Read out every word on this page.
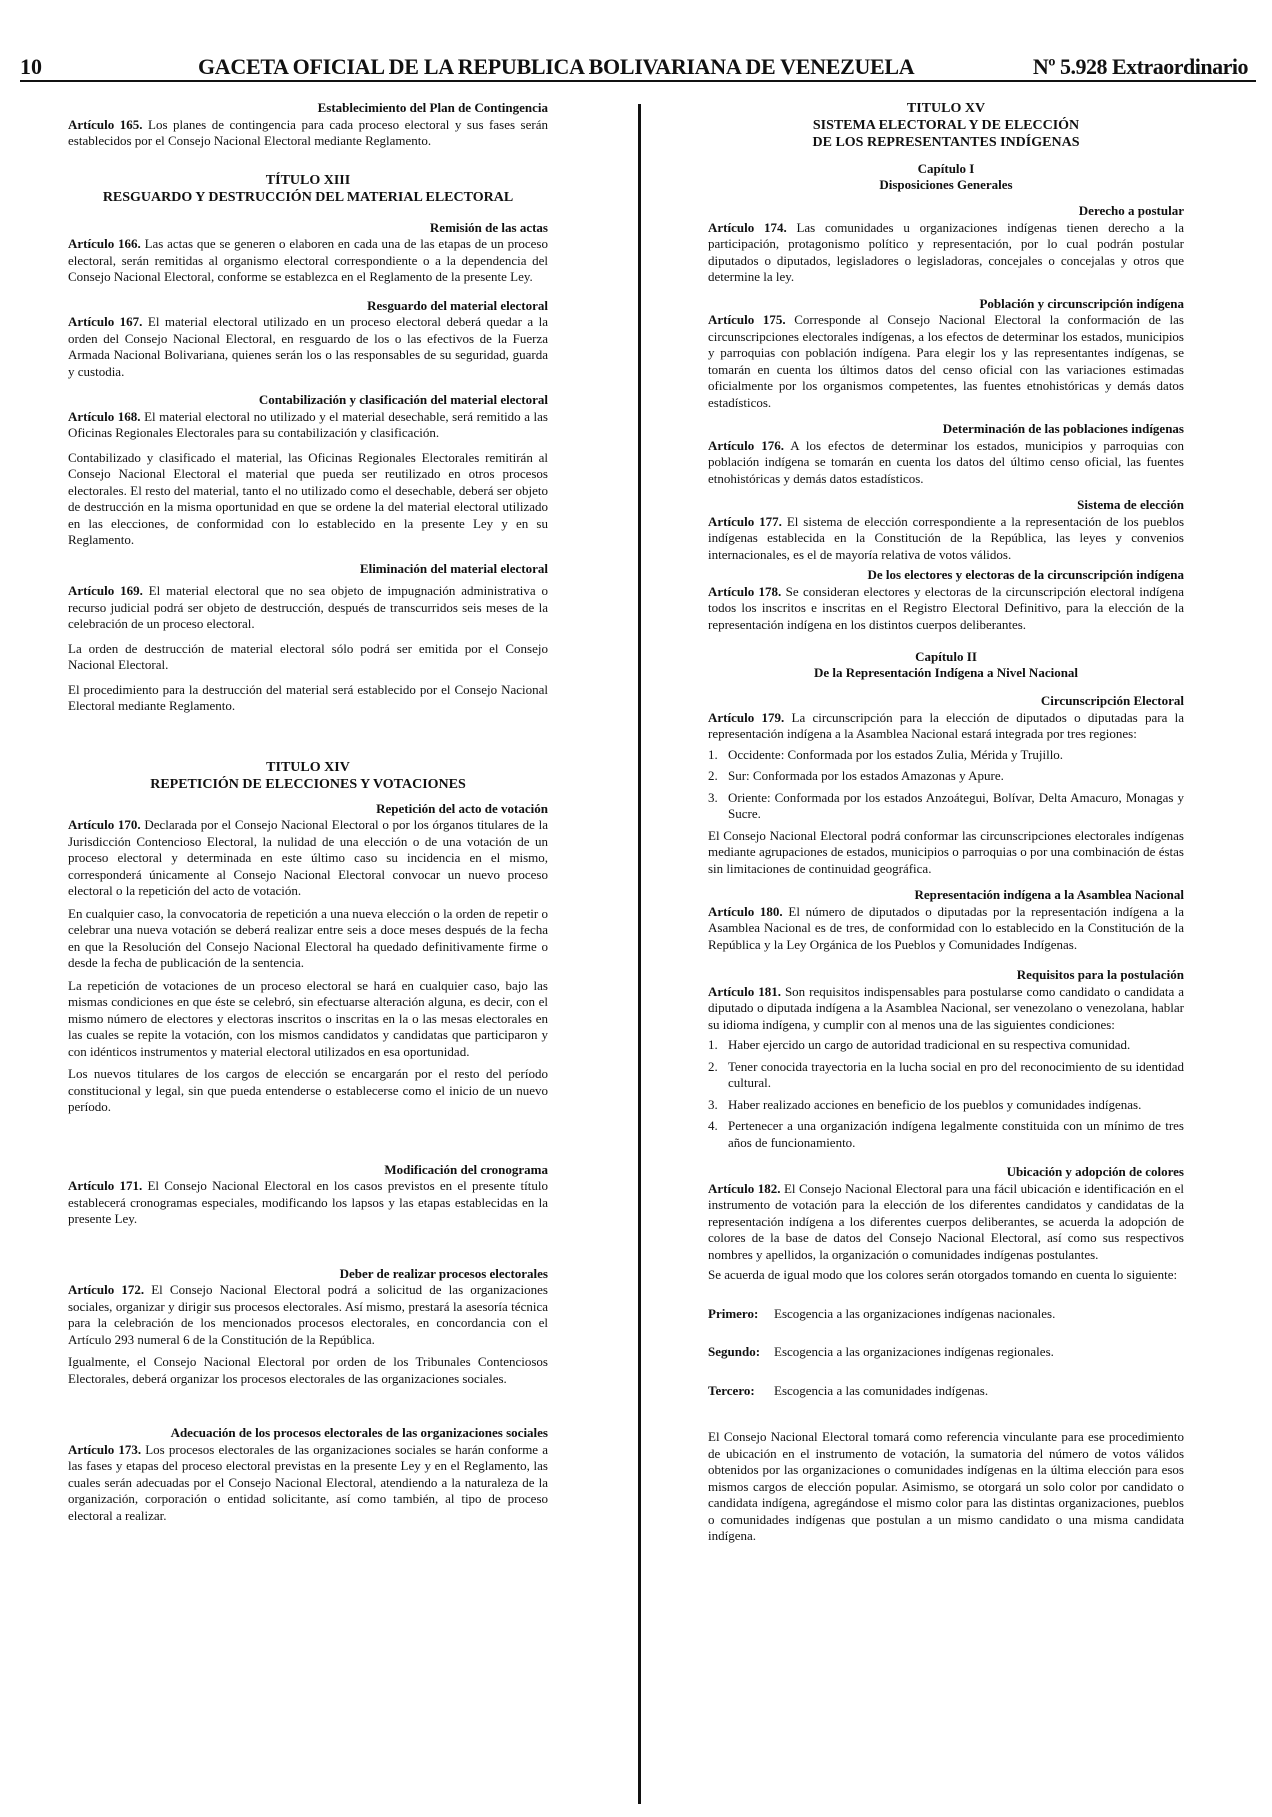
10	GACETA OFICIAL DE LA REPUBLICA BOLIVARIANA DE VENEZUELA	Nº 5.928 Extraordinario
Establecimiento del Plan de Contingencia

Artículo 165. Los planes de contingencia para cada proceso electoral y sus fases serán establecidos por el Consejo Nacional Electoral mediante Reglamento.

TÍTULO XIII
RESGUARDO Y DESTRUCCIÓN DEL MATERIAL ELECTORAL
Remisión de las actas

Artículo 166. Las actas que se generen o elaboren en cada una de las etapas de un proceso electoral, serán remitidas al organismo electoral correspondiente o a la dependencia del Consejo Nacional Electoral, conforme se establezca en el Reglamento de la presente Ley.

Resguardo del material electoral

Artículo 167. El material electoral utilizado en un proceso electoral deberá quedar a la orden del Consejo Nacional Electoral, en resguardo de los o las efectivos de la Fuerza Armada Nacional Bolivariana, quienes serán los o las responsables de su seguridad, guarda y custodia.

Contabilización y clasificación del material electoral

Artículo 168. El material electoral no utilizado y el material desechable, será remitido a las Oficinas Regionales Electorales para su contabilización y clasificación.

Contabilizado y clasificado el material, las Oficinas Regionales Electorales remitirán al Consejo Nacional Electoral el material que pueda ser reutilizado en otros procesos electorales. El resto del material, tanto el no utilizado como el desechable, deberá ser objeto de destrucción en la misma oportunidad en que se ordene la del material electoral utilizado en las elecciones, de conformidad con lo establecido en la presente Ley y en su Reglamento.

Eliminación del material electoral

Artículo 169. El material electoral que no sea objeto de impugnación administrativa o recurso judicial podrá ser objeto de destrucción, después de transcurridos seis meses de la celebración de un proceso electoral.

La orden de destrucción de material electoral sólo podrá ser emitida por el Consejo Nacional Electoral.

El procedimiento para la destrucción del material será establecido por el Consejo Nacional Electoral mediante Reglamento.

TITULO XIV
REPETICIÓN DE ELECCIONES Y VOTACIONES
Repetición del acto de votación

Artículo 170. Declarada por el Consejo Nacional Electoral o por los órganos titulares de la Jurisdicción Contencioso Electoral, la nulidad de una elección o de una votación de un proceso electoral y determinada en este último caso su incidencia en el mismo, corresponderá únicamente al Consejo Nacional Electoral convocar un nuevo proceso electoral o la repetición del acto de votación.

En cualquier caso, la convocatoria de repetición a una nueva elección o la orden de repetir o celebrar una nueva votación se deberá realizar entre seis a doce meses después de la fecha en que la Resolución del Consejo Nacional Electoral ha quedado definitivamente firme o desde la fecha de publicación de la sentencia.

La repetición de votaciones de un proceso electoral se hará en cualquier caso, bajo las mismas condiciones en que éste se celebró, sin efectuarse alteración alguna, es decir, con el mismo número de electores y electoras inscritos o inscritas en la o las mesas electorales en las cuales se repite la votación, con los mismos candidatos y candidatas que participaron y con idénticos instrumentos y material electoral utilizados en esa oportunidad.

Los nuevos titulares de los cargos de elección se encargarán por el resto del período constitucional y legal, sin que pueda entenderse o establecerse como el inicio de un nuevo período.

Modificación del cronograma

Artículo 171. El Consejo Nacional Electoral en los casos previstos en el presente título establecerá cronogramas especiales, modificando los lapsos y las etapas establecidas en la presente Ley.

Deber de realizar procesos electorales

Artículo 172. El Consejo Nacional Electoral podrá a solicitud de las organizaciones sociales, organizar y dirigir sus procesos electorales. Así mismo, prestará la asesoría técnica para la celebración de los mencionados procesos electorales, en concordancia con el Artículo 293 numeral 6 de la Constitución de la República.

Igualmente, el Consejo Nacional Electoral por orden de los Tribunales Contenciosos Electorales, deberá organizar los procesos electorales de las organizaciones sociales.

Adecuación de los procesos electorales de las organizaciones sociales

Artículo 173. Los procesos electorales de las organizaciones sociales se harán conforme a las fases y etapas del proceso electoral previstas en la presente Ley y en el Reglamento, las cuales serán adecuadas por el Consejo Nacional Electoral, atendiendo a la naturaleza de la organización, corporación o entidad solicitante, así como también, al tipo de proceso electoral a realizar.

TITULO XV
SISTEMA ELECTORAL Y DE ELECCIÓN
DE LOS REPRESENTANTES INDÍGENAS
Capítulo I
Disposiciones Generales
Derecho a postular

Artículo 174. Las comunidades u organizaciones indígenas tienen derecho a la participación, protagonismo político y representación, por lo cual podrán postular diputados o diputados, legisladores o legisladoras, concejales o concejalas y otros que determine la ley.

Población y circunscripción indígena

Artículo 175. Corresponde al Consejo Nacional Electoral la conformación de las circunscripciones electorales indígenas, a los efectos de determinar los estados, municipios y parroquias con población indígena. Para elegir los y las representantes indígenas, se tomarán en cuenta los últimos datos del censo oficial con las variaciones estimadas oficialmente por los organismos competentes, las fuentes etnohistóricas y demás datos estadísticos.

Determinación de las poblaciones indígenas

Artículo 176. A los efectos de determinar los estados, municipios y parroquias con población indígena se tomarán en cuenta los datos del último censo oficial, las fuentes etnohistóricas y demás datos estadísticos.

Sistema de elección

Artículo 177. El sistema de elección correspondiente a la representación de los pueblos indígenas establecida en la Constitución de la República, las leyes y convenios internacionales, es el de mayoría relativa de votos válidos.

De los electores y electoras de la circunscripción indígena

Artículo 178. Se consideran electores y electoras de la circunscripción electoral indígena todos los inscritos e inscritas en el Registro Electoral Definitivo, para la elección de la representación indígena en los distintos cuerpos deliberantes.

Capítulo II
De la Representación Indígena a Nivel Nacional
Circunscripción Electoral

Artículo 179. La circunscripción para la elección de diputados o diputadas para la representación indígena a la Asamblea Nacional estará integrada por tres regiones:

1. Occidente: Conformada por los estados Zulia, Mérida y Trujillo.
2. Sur: Conformada por los estados Amazonas y Apure.
3. Oriente: Conformada por los estados Anzoátegui, Bolívar, Delta Amacuro, Monagas y Sucre.

El Consejo Nacional Electoral podrá conformar las circunscripciones electorales indígenas mediante agrupaciones de estados, municipios o parroquias o por una combinación de éstas sin limitaciones de continuidad geográfica.

Representación indígena a la Asamblea Nacional

Artículo 180. El número de diputados o diputadas por la representación indígena a la Asamblea Nacional es de tres, de conformidad con lo establecido en la Constitución de la República y la Ley Orgánica de los Pueblos y Comunidades Indígenas.

Requisitos para la postulación

Artículo 181. Son requisitos indispensables para postularse como candidato o candidata a diputado o diputada indígena a la Asamblea Nacional, ser venezolano o venezolana, hablar su idioma indígena, y cumplir con al menos una de las siguientes condiciones:

1. Haber ejercido un cargo de autoridad tradicional en su respectiva comunidad.
2. Tener conocida trayectoria en la lucha social en pro del reconocimiento de su identidad cultural.
3. Haber realizado acciones en beneficio de los pueblos y comunidades indígenas.
4. Pertenecer a una organización indígena legalmente constituida con un mínimo de tres años de funcionamiento.
Ubicación y adopción de colores

Artículo 182. El Consejo Nacional Electoral para una fácil ubicación e identificación en el instrumento de votación para la elección de los diferentes candidatos y candidatas de la representación indígena a los diferentes cuerpos deliberantes, se acuerda la adopción de colores de la base de datos del Consejo Nacional Electoral, así como sus respectivos nombres y apellidos, la organización o comunidades indígenas postulantes.

Se acuerda de igual modo que los colores serán otorgados tomando en cuenta lo siguiente:

Primero: Escogencia a las organizaciones indígenas nacionales.
Segundo: Escogencia a las organizaciones indígenas regionales.
Tercero: Escogencia a las comunidades indígenas.

El Consejo Nacional Electoral tomará como referencia vinculante para ese procedimiento de ubicación en el instrumento de votación, la sumatoria del número de votos válidos obtenidos por las organizaciones o comunidades indígenas en la última elección para esos mismos cargos de elección popular. Asimismo, se otorgará un solo color por candidato o candidata indígena, agregándose el mismo color para las distintas organizaciones, pueblos o comunidades indígenas que postulan a un mismo candidato o una misma candidata indígena.
